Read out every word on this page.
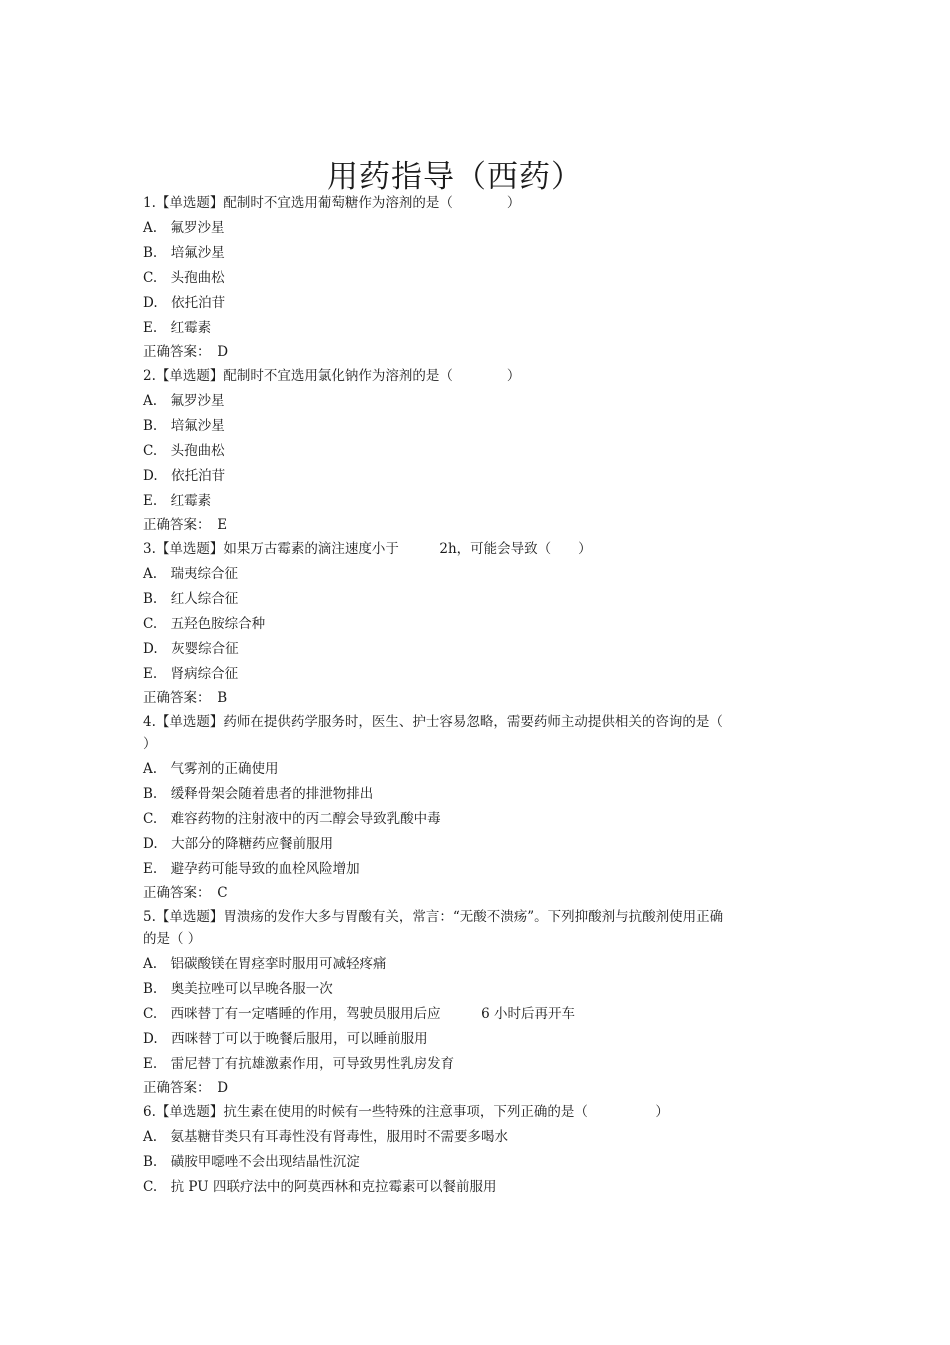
用药指导（西药）

1.【单选题】配制时不宜选用葡萄糖作为溶剂的是（　　　　）

A.　氟罗沙星

B.　培氟沙星

C.　头孢曲松

D.　依托泊苷

E.　红霉素

正确答案：　D

2.【单选题】配制时不宜选用氯化钠作为溶剂的是（　　　　）

A.　氟罗沙星

B.　培氟沙星

C.　头孢曲松

D.　依托泊苷

E.　红霉素

正确答案：　E

3.【单选题】如果万古霉素的滴注速度小于　　　2h，可能会导致（　　）

A.　瑞夷综合征

B.　红人综合征

C.　五羟色胺综合种

D.　灰婴综合征

E.　肾病综合征

正确答案：　B

4.【单选题】药师在提供药学服务时，医生、护士容易忽略，需要药师主动提供相关的咨询的是（ ）

A.　气雾剂的正确使用

B.　缓释骨架会随着患者的排泄物排出

C.　难容药物的注射液中的丙二醇会导致乳酸中毒

D.　大部分的降糖药应餐前服用

E.　避孕药可能导致的血栓风险增加

正确答案：　C

5.【单选题】胃溃疡的发作大多与胃酸有关，常言：“无酸不溃疡”。下列抑酸剂与抗酸剂使用正确的是（ ）

A.　铝碳酸镁在胃痉挛时服用可减轻疼痛

B.　奥美拉唑可以早晚各服一次

C.　西咪替丁有一定嗜睡的作用，驾驶员服用后应　　　6 小时后再开车

D.　西咪替丁可以于晚餐后服用，可以睡前服用

E.　雷尼替丁有抗雄激素作用，可导致男性乳房发育

正确答案：　D

6.【单选题】抗生素在使用的时候有一些特殊的注意事项，下列正确的是（　　　　　）

A.　氨基糖苷类只有耳毒性没有肾毒性，服用时不需要多喝水

B.　磺胺甲噁唑不会出现结晶性沉淀

C.　抗 PU 四联疗法中的阿莫西林和克拉霉素可以餐前服用
